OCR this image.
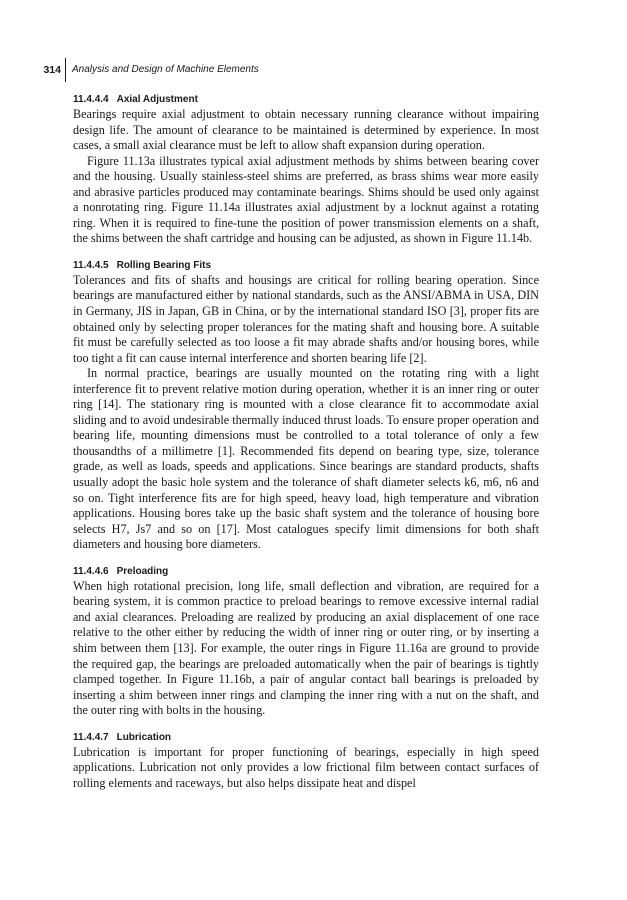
314 Analysis and Design of Machine Elements
11.4.4.4 Axial Adjustment

Bearings require axial adjustment to obtain necessary running clearance without impairing design life. The amount of clearance to be maintained is determined by experience. In most cases, a small axial clearance must be left to allow shaft expansion during operation.

Figure 11.13a illustrates typical axial adjustment methods by shims between bearing cover and the housing. Usually stainless-steel shims are preferred, as brass shims wear more easily and abrasive particles produced may contaminate bearings. Shims should be used only against a nonrotating ring. Figure 11.14a illustrates axial adjustment by a locknut against a rotating ring. When it is required to fine-tune the position of power transmission elements on a shaft, the shims between the shaft cartridge and housing can be adjusted, as shown in Figure 11.14b.

11.4.4.5 Rolling Bearing Fits

Tolerances and fits of shafts and housings are critical for rolling bearing operation. Since bearings are manufactured either by national standards, such as the ANSI/ABMA in USA, DIN in Germany, JIS in Japan, GB in China, or by the international standard ISO [3], proper fits are obtained only by selecting proper tolerances for the mating shaft and housing bore. A suitable fit must be carefully selected as too loose a fit may abrade shafts and/or housing bores, while too tight a fit can cause internal interference and shorten bearing life [2].

In normal practice, bearings are usually mounted on the rotating ring with a light interference fit to prevent relative motion during operation, whether it is an inner ring or outer ring [14]. The stationary ring is mounted with a close clearance fit to accommodate axial sliding and to avoid undesirable thermally induced thrust loads. To ensure proper operation and bearing life, mounting dimensions must be controlled to a total tolerance of only a few thousandths of a millimetre [1]. Recommended fits depend on bearing type, size, tolerance grade, as well as loads, speeds and applications. Since bearings are standard products, shafts usually adopt the basic hole system and the tolerance of shaft diameter selects k6, m6, n6 and so on. Tight interference fits are for high speed, heavy load, high temperature and vibration applications. Housing bores take up the basic shaft system and the tolerance of housing bore selects H7, Js7 and so on [17]. Most catalogues specify limit dimensions for both shaft diameters and housing bore diameters.

11.4.4.6 Preloading

When high rotational precision, long life, small deflection and vibration, are required for a bearing system, it is common practice to preload bearings to remove excessive internal radial and axial clearances. Preloading are realized by producing an axial displacement of one race relative to the other either by reducing the width of inner ring or outer ring, or by inserting a shim between them [13]. For example, the outer rings in Figure 11.16a are ground to provide the required gap, the bearings are preloaded automatically when the pair of bearings is tightly clamped together. In Figure 11.16b, a pair of angular contact ball bearings is preloaded by inserting a shim between inner rings and clamping the inner ring with a nut on the shaft, and the outer ring with bolts in the housing.

11.4.4.7 Lubrication

Lubrication is important for proper functioning of bearings, especially in high speed applications. Lubrication not only provides a low frictional film between contact surfaces of rolling elements and raceways, but also helps dissipate heat and dispel
